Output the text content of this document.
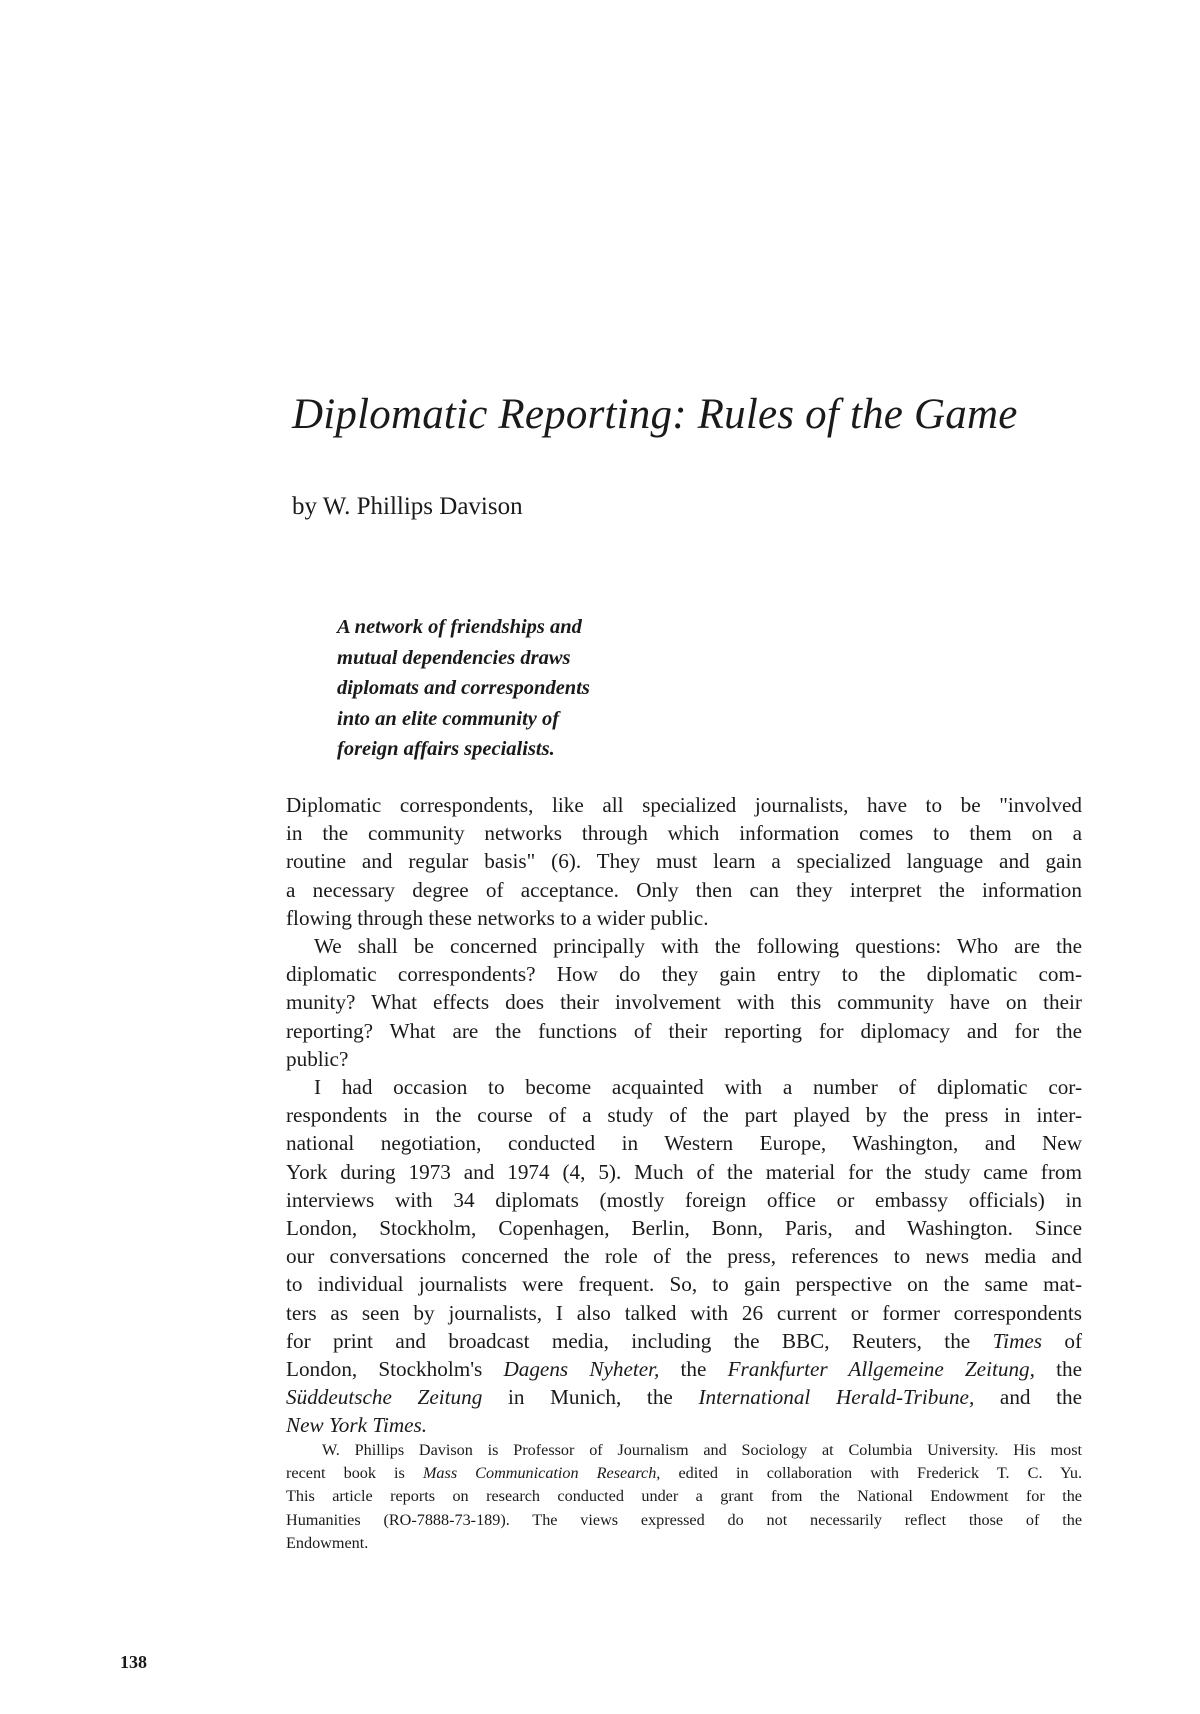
Diplomatic Reporting: Rules of the Game
by W. Phillips Davison
A network of friendships and
mutual dependencies draws
diplomats and correspondents
into an elite community of
foreign affairs specialists.

Diplomatic correspondents, like all specialized journalists, have to be "involved
in the community networks through which information comes to them on a
routine and regular basis" (6). They must learn a specialized language and gain
a necessary degree of acceptance. Only then can they interpret the information
flowing through these networks to a wider public.

We shall be concerned principally with the following questions: Who are the
diplomatic correspondents? How do they gain entry to the diplomatic com-
munity? What effects does their involvement with this community have on their
reporting? What are the functions of their reporting for diplomacy and for the
public?

I had occasion to become acquainted with a number of diplomatic cor-
respondents in the course of a study of the part played by the press in inter-
national negotiation, conducted in Western Europe, Washington, and New
York during 1973 and 1974 (4, 5). Much of the material for the study came from
interviews with 34 diplomats (mostly foreign office or embassy officials) in
London, Stockholm, Copenhagen, Berlin, Bonn, Paris, and Washington. Since
our conversations concerned the role of the press, references to news media and
to individual journalists were frequent. So, to gain perspective on the same mat-
ters as seen by journalists, I also talked with 26 current or former correspondents
for print and broadcast media, including the BBC, Reuters, the Times of
London, Stockholm's Dagens Nyheter, the Frankfurter Allgemeine Zeitung, the
Süddeutsche Zeitung in Munich, the International Herald-Tribune, and the
New York Times.

W. Phillips Davison is Professor of Journalism and Sociology at Columbia University. His most
recent book is Mass Communication Research, edited in collaboration with Frederick T. C. Yu.
This article reports on research conducted under a grant from the National Endowment for the
Humanities (RO-7888-73-189). The views expressed do not necessarily reflect those of the
Endowment.
138
